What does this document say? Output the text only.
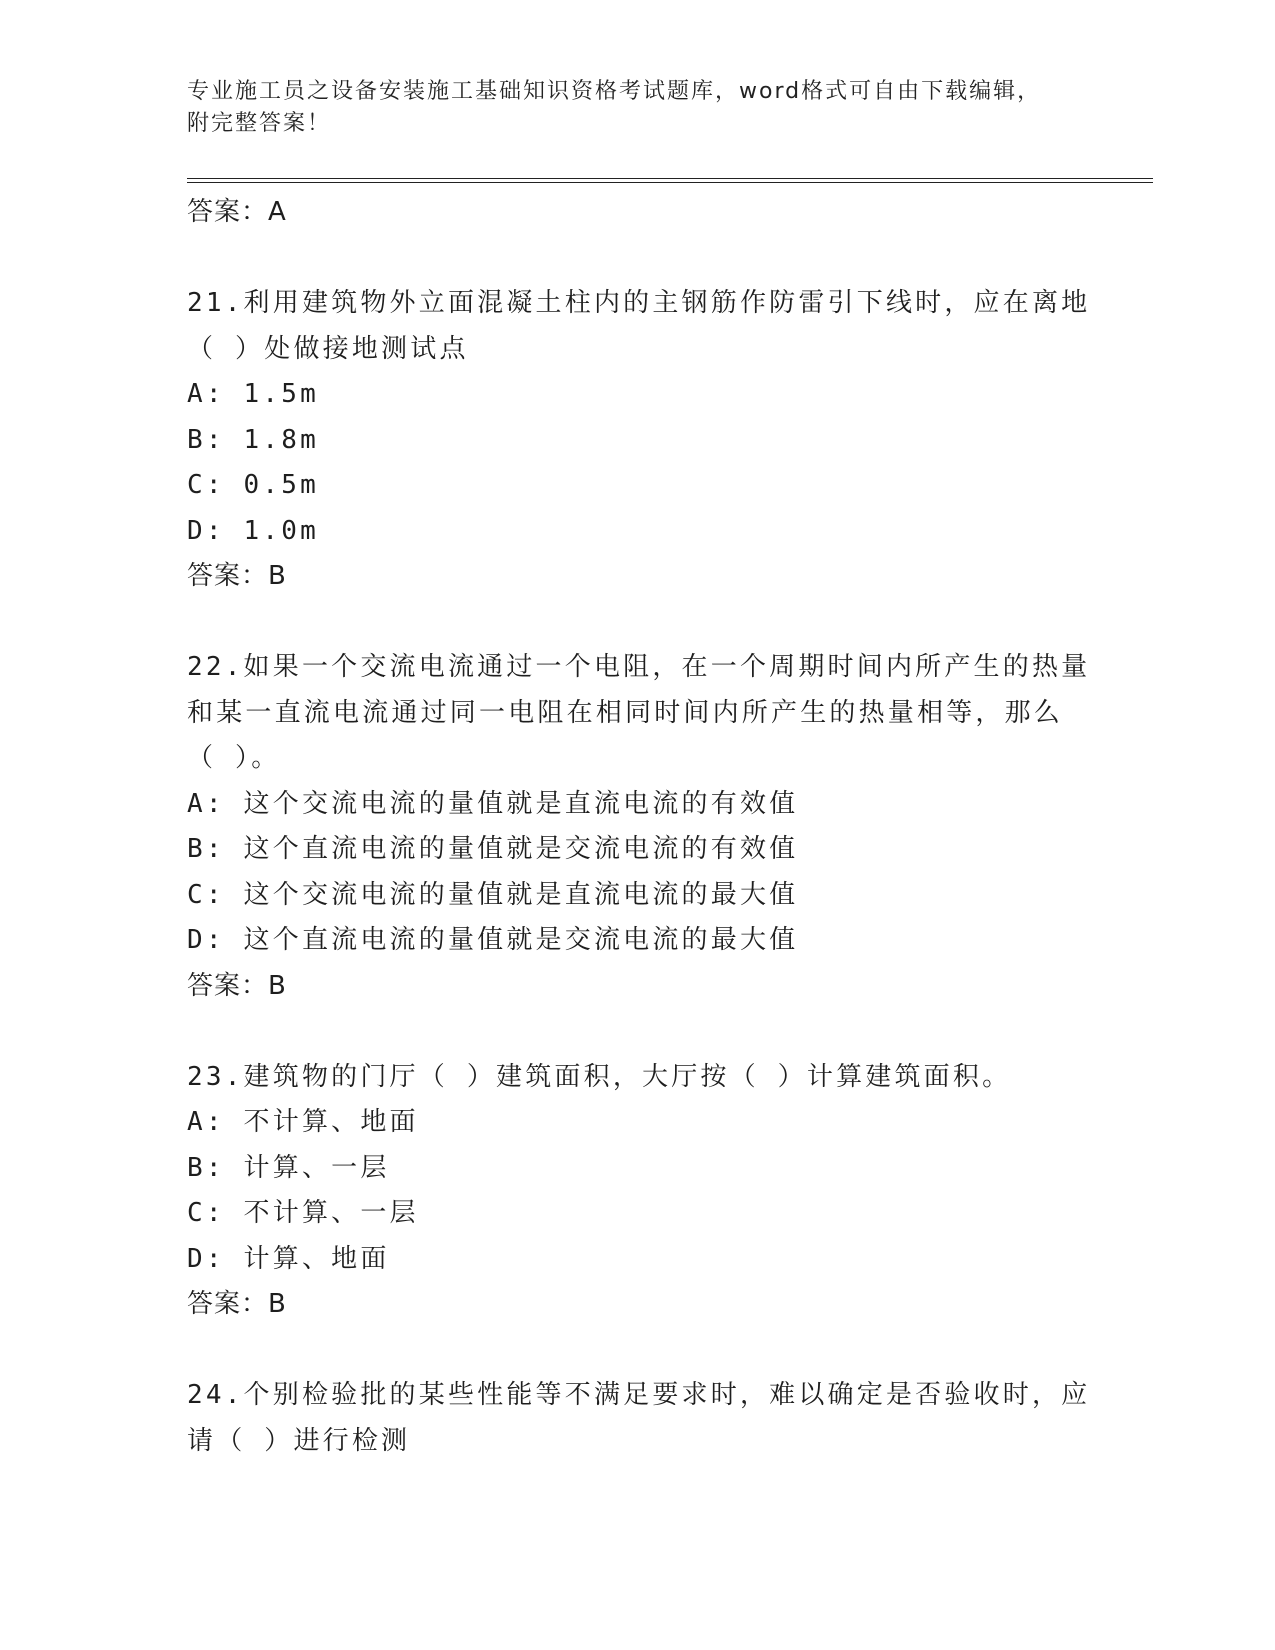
专业施工员之设备安装施工基础知识资格考试题库，word格式可自由下载编辑，
附完整答案！
答案：A
21.利用建筑物外立面混凝土柱内的主钢筋作防雷引下线时，应在离地
（ ）处做接地测试点
A: 1.5m
B: 1.8m
C: 0.5m
D: 1.0m
答案：B
22.如果一个交流电流通过一个电阻，在一个周期时间内所产生的热量
和某一直流电流通过同一电阻在相同时间内所产生的热量相等，那么
（ ）。
A: 这个交流电流的量值就是直流电流的有效值
B: 这个直流电流的量值就是交流电流的有效值
C: 这个交流电流的量值就是直流电流的最大值
D: 这个直流电流的量值就是交流电流的最大值
答案：B
23.建筑物的门厅（ ）建筑面积，大厅按（ ）计算建筑面积。
A: 不计算、地面
B: 计算、一层
C: 不计算、一层
D: 计算、地面
答案：B
24.个别检验批的某些性能等不满足要求时，难以确定是否验收时，应
请（ ）进行检测
